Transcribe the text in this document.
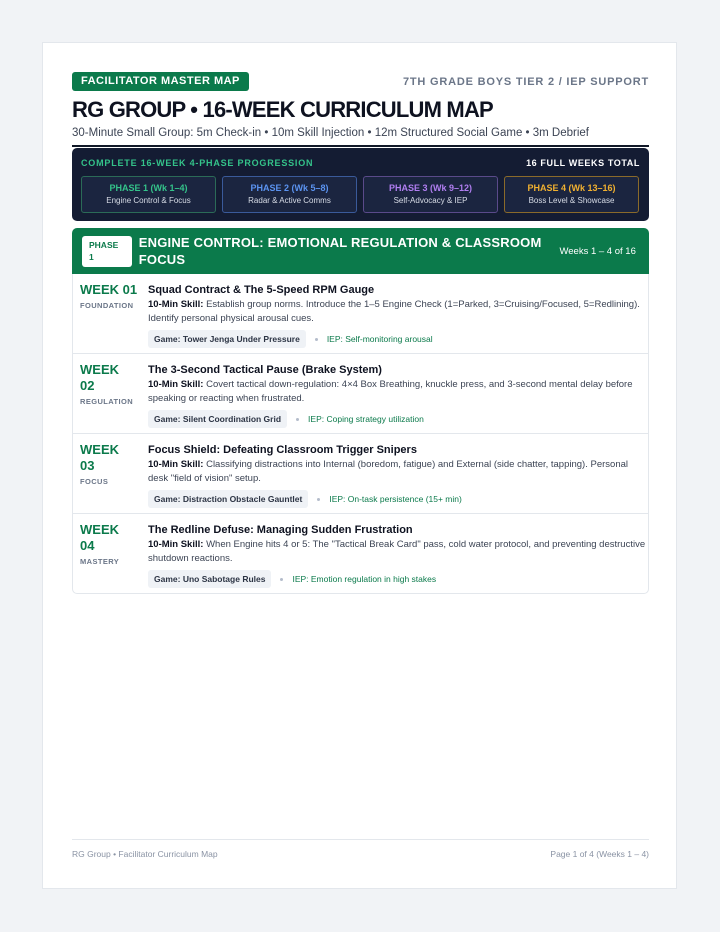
FACILITATOR MASTER MAP	7TH GRADE BOYS TIER 2 / IEP SUPPORT
RG GROUP • 16-WEEK CURRICULUM MAP
30-Minute Small Group: 5m Check-in • 10m Skill Injection • 12m Structured Social Game • 3m Debrief
COMPLETE 16-WEEK 4-PHASE PROGRESSION	16 FULL WEEKS TOTAL
PHASE 1 (Wk 1–4)
Engine Control & Focus
PHASE 2 (Wk 5–8)
Radar & Active Comms
PHASE 3 (Wk 9–12)
Self-Advocacy & IEP
PHASE 4 (Wk 13–16)
Boss Level & Showcase
PHASE
1
ENGINE CONTROL: EMOTIONAL REGULATION & CLASSROOM FOCUS
Weeks 1 – 4 of 16
WEEK 01
FOUNDATION
Squad Contract & The 5-Speed RPM Gauge
10-Min Skill: Establish group norms. Introduce the 1–5 Engine Check (1=Parked, 3=Cruising/Focused, 5=Redlining). Identify personal physical arousal cues.
Game: Tower Jenga Under Pressure	IEP: Self-monitoring arousal
WEEK 02
REGULATION
The 3-Second Tactical Pause (Brake System)
10-Min Skill: Covert tactical down-regulation: 4×4 Box Breathing, knuckle press, and 3-second mental delay before speaking or reacting when frustrated.
Game: Silent Coordination Grid	IEP: Coping strategy utilization
WEEK 03
FOCUS
Focus Shield: Defeating Classroom Trigger Snipers
10-Min Skill: Classifying distractions into Internal (boredom, fatigue) and External (side chatter, tapping). Personal desk "field of vision" setup.
Game: Distraction Obstacle Gauntlet	IEP: On-task persistence (15+ min)
WEEK 04
MASTERY
The Redline Defuse: Managing Sudden Frustration
10-Min Skill: When Engine hits 4 or 5: The "Tactical Break Card" pass, cold water protocol, and preventing destructive shutdown reactions.
Game: Uno Sabotage Rules	IEP: Emotion regulation in high stakes
RG Group • Facilitator Curriculum Map	Page 1 of 4 (Weeks 1 – 4)
